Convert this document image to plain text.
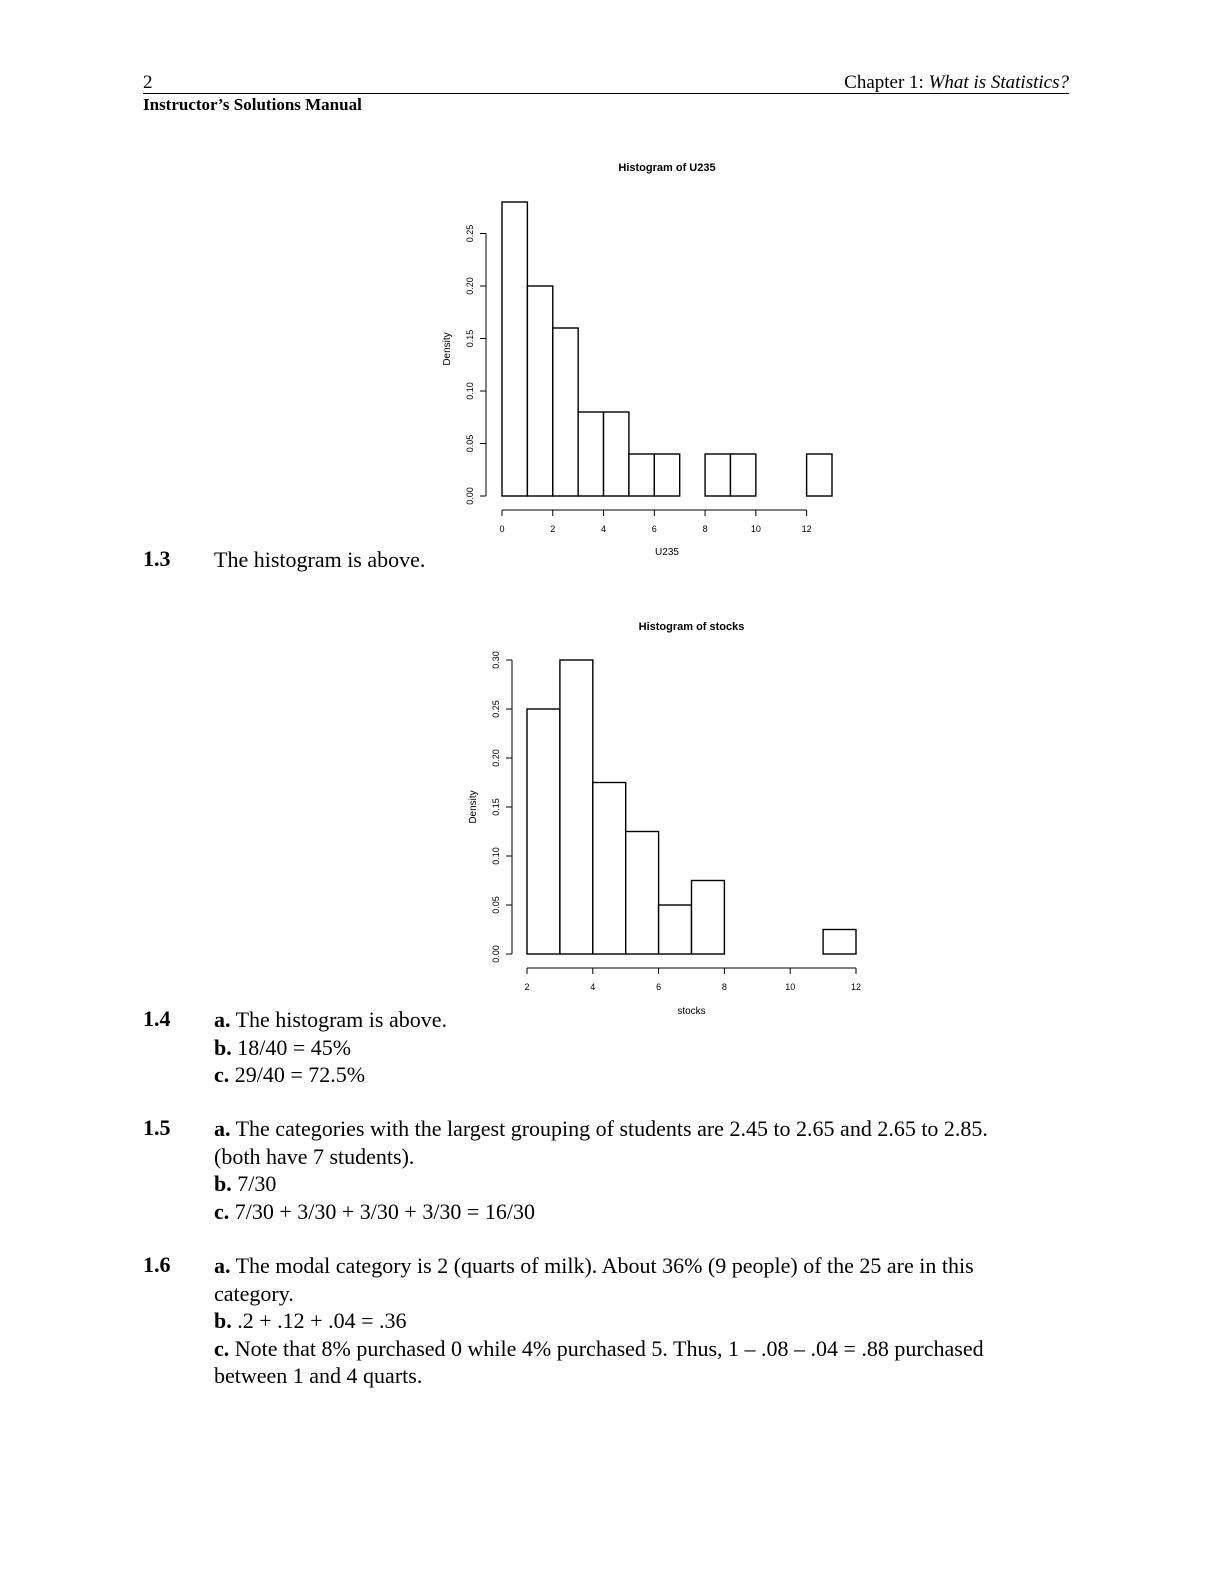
2	Chapter 1: What is Statistics?
Instructor’s Solutions Manual
Histogram of U235
0	2	4	6	8	10	12
U235
0.00
0.05
0.10
0.15
0.20
0.25
Density
Histogram of stocks
2	4	6	8	10	12
stocks
0.00
0.05
0.10
0.15
0.20
0.25
0.30
Density
1.3 The histogram is above.
1.4 a. The histogram is above.
b. 18/40 = 45%
c. 29/40 = 72.5%
1.5 a. The categories with the largest grouping of students are 2.45 to 2.65 and 2.65 to 2.85.
(both have 7 students).
b. 7/30
c. 7/30 + 3/30 + 3/30 + 3/30 = 16/30
1.6 a. The modal category is 2 (quarts of milk). About 36% (9 people) of the 25 are in this
category.
b. .2 + .12 + .04 = .36
c. Note that 8% purchased 0 while 4% purchased 5. Thus, 1 – .08 – .04 = .88 purchased
between 1 and 4 quarts.
